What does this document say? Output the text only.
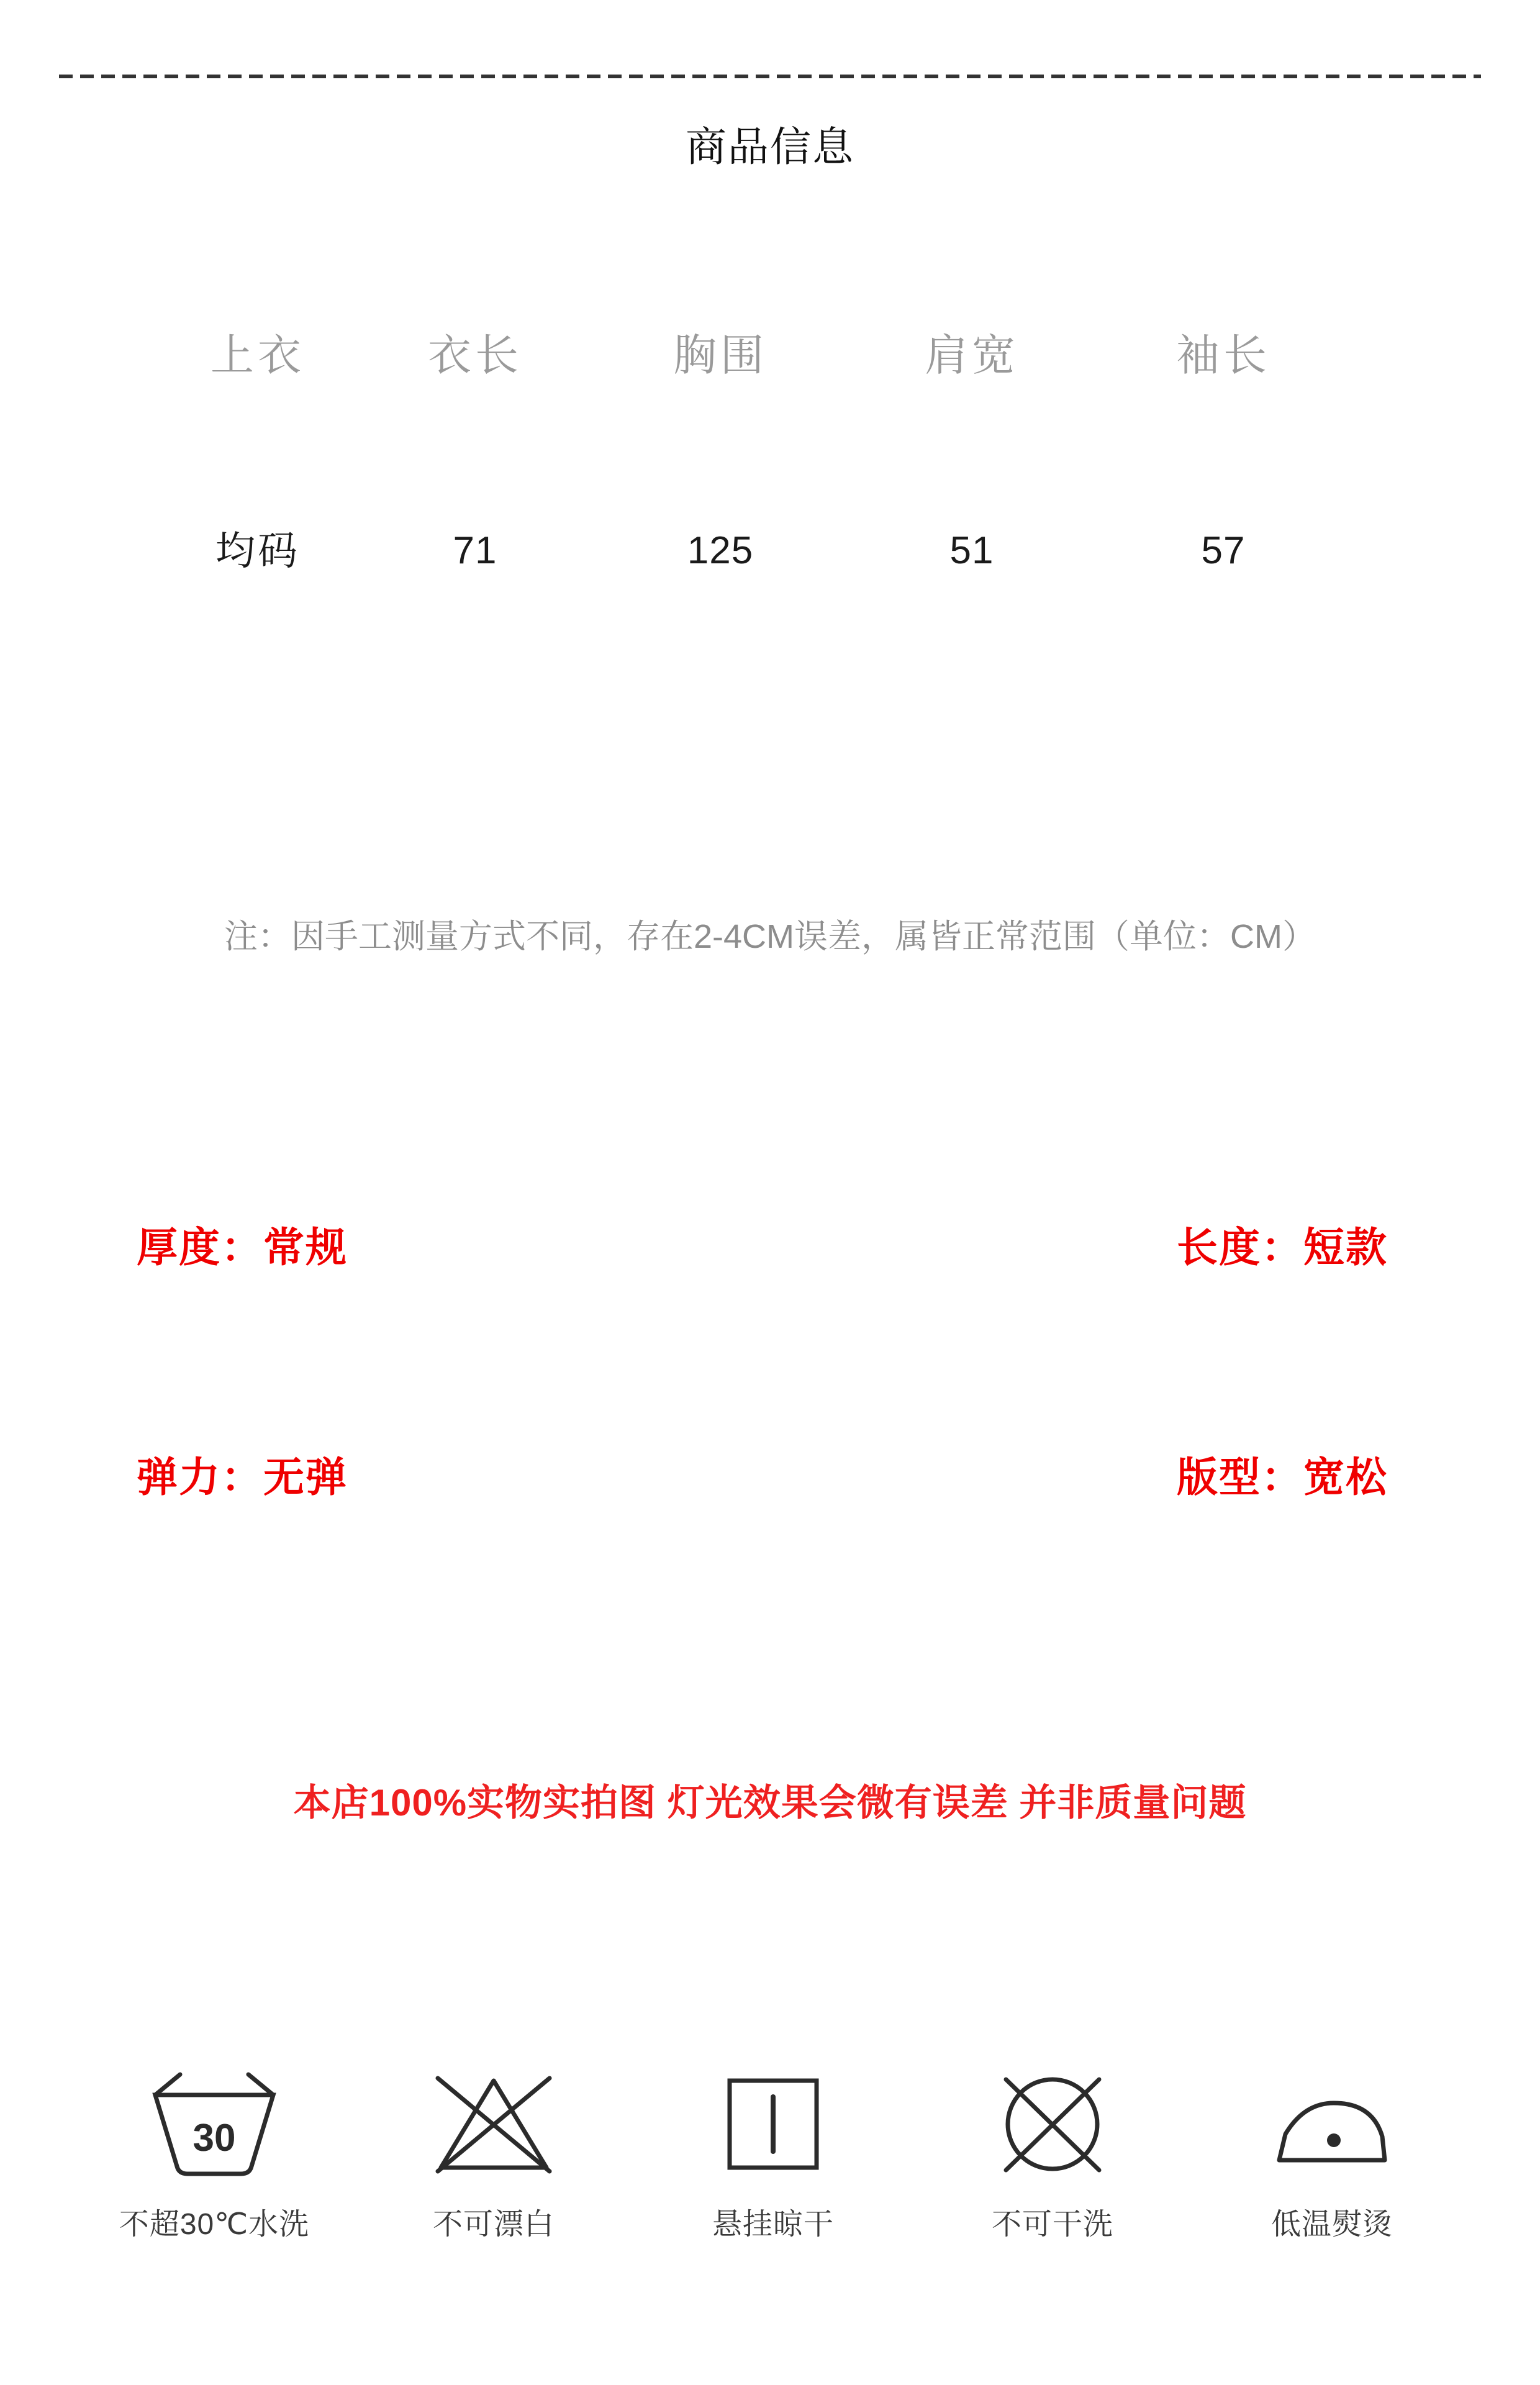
商品信息
上衣	衣长	胸围	肩宽	袖长
均码	71	125	51	57
注：因手工测量方式不同，存在2-4CM误差，属皆正常范围（单位：CM）
厚度：常规	长度：短款
弹力：无弹	版型：宽松
本店100%实物实拍图 灯光效果会微有误差 并非质量问题
30
不超30℃水洗	不可漂白	悬挂晾干	不可干洗	低温熨烫
